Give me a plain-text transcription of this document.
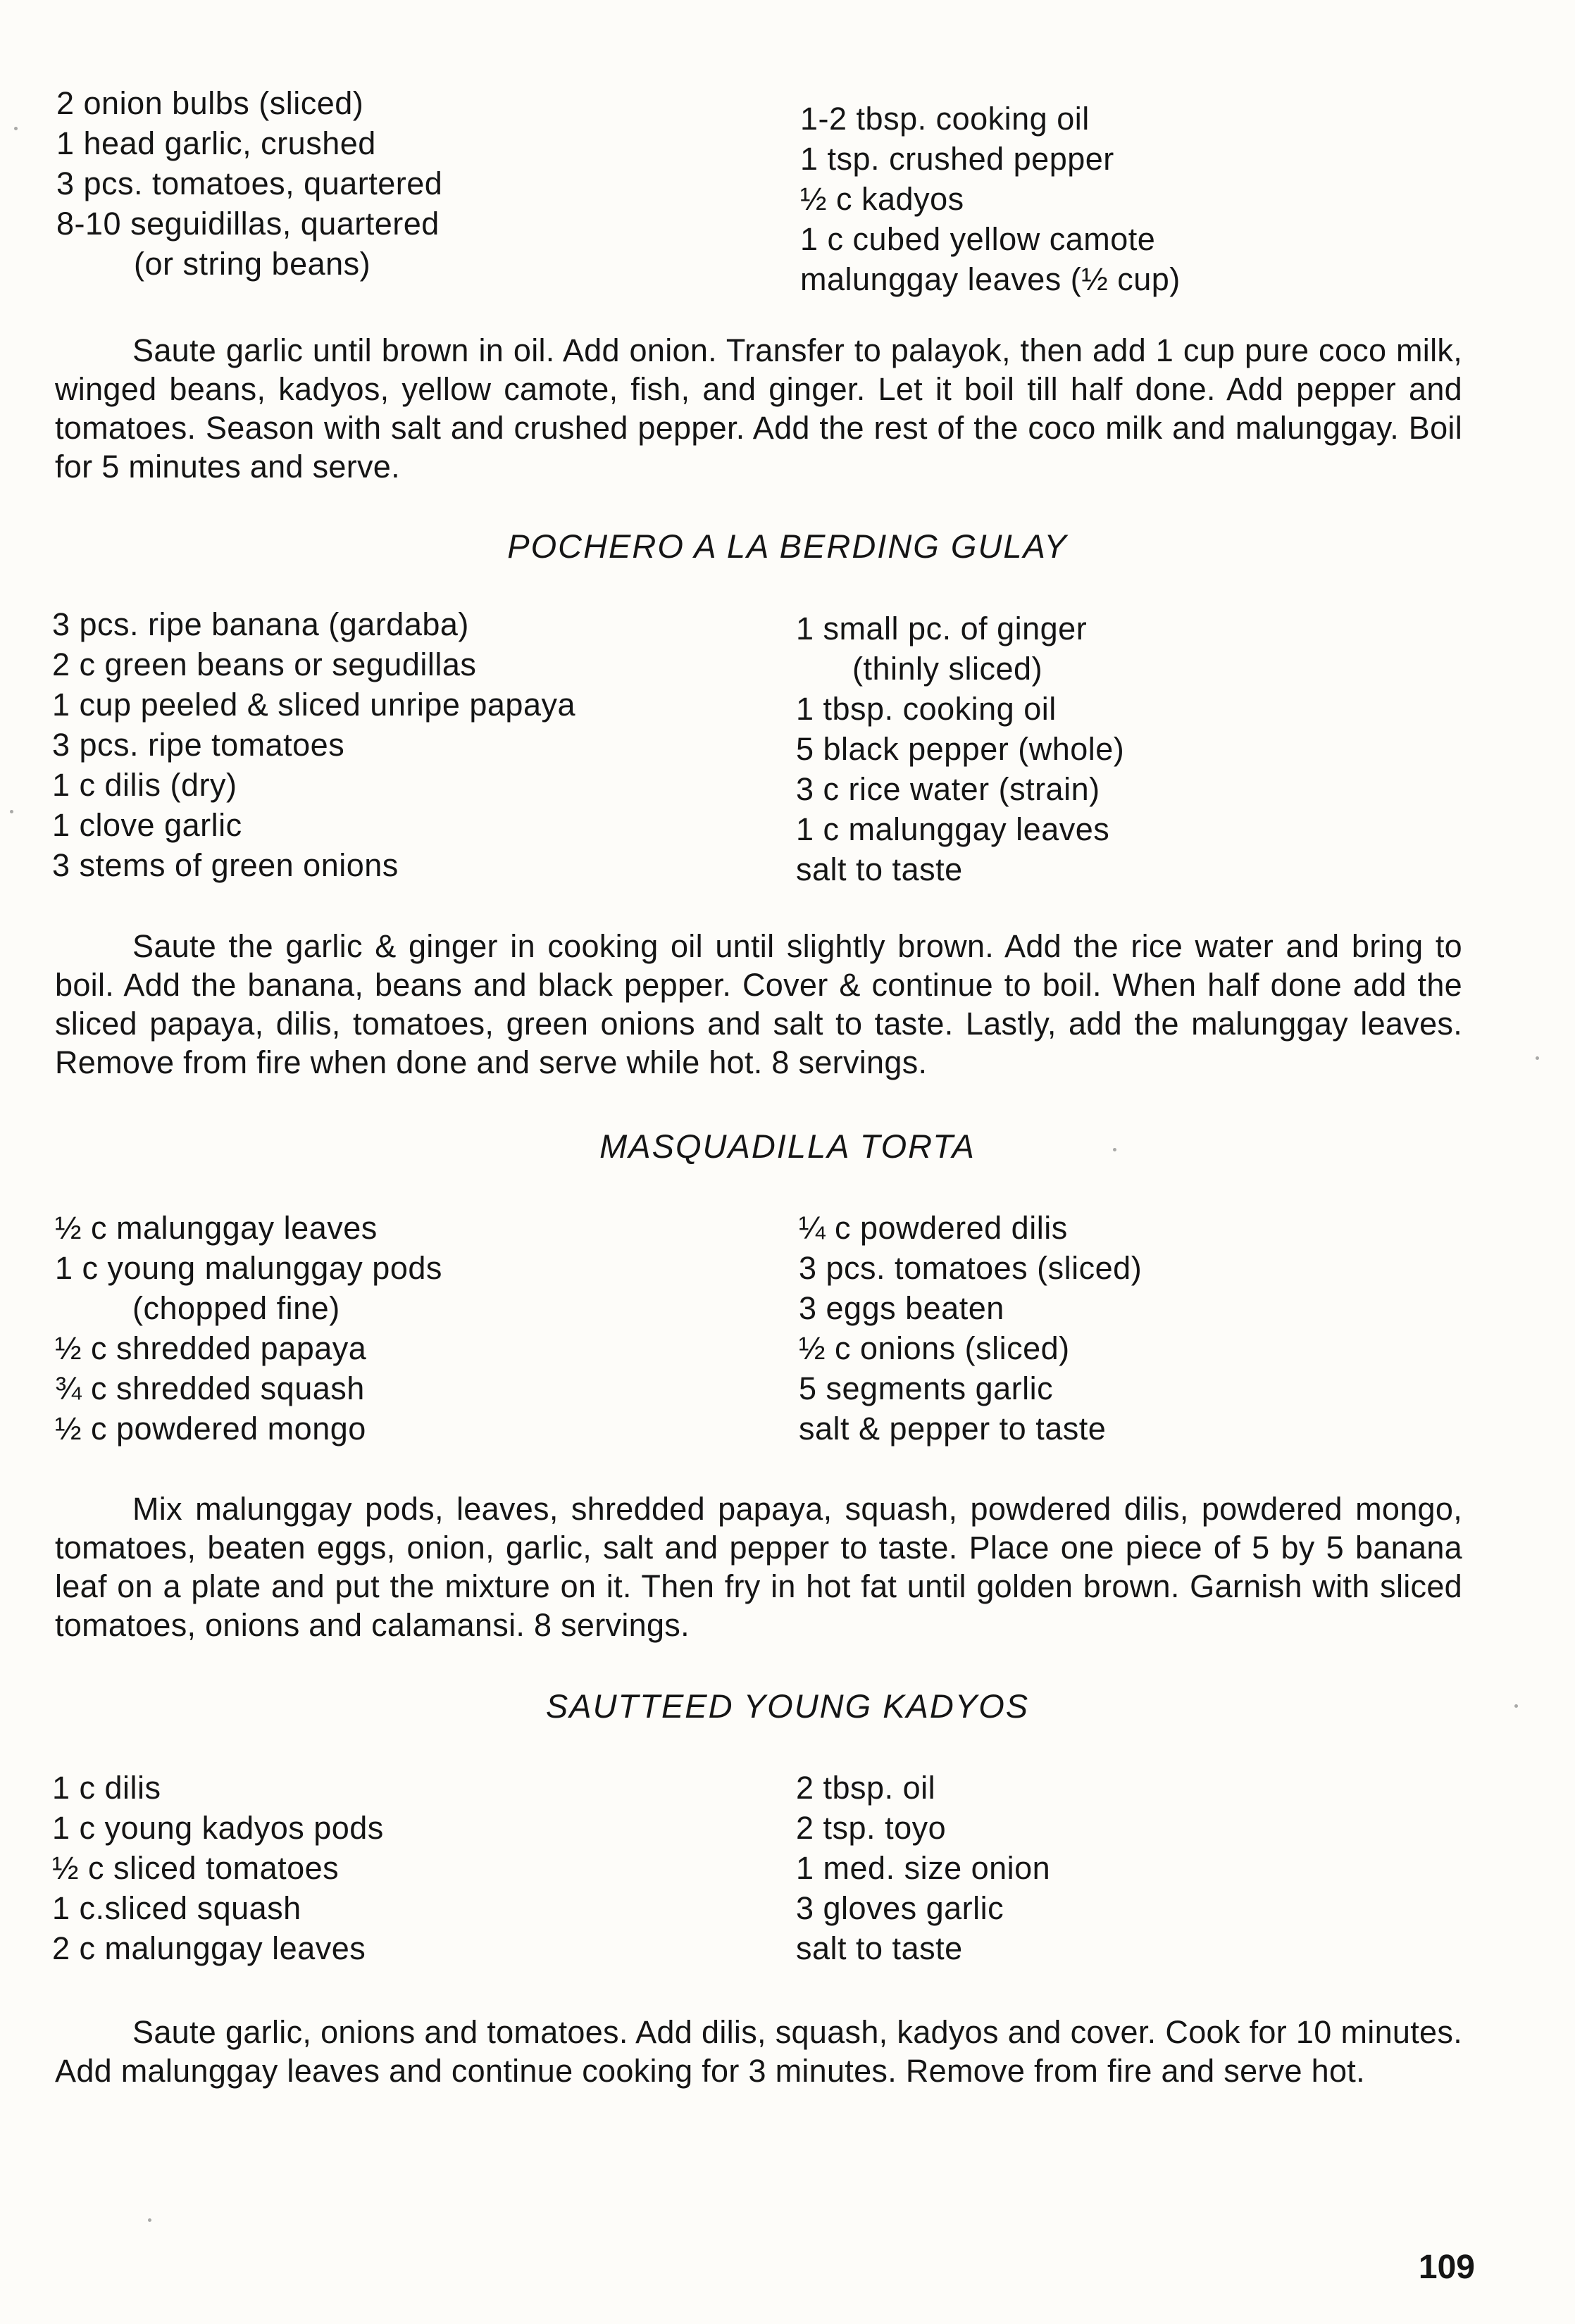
2 onion bulbs (sliced)
1 head garlic, crushed
3 pcs. tomatoes, quartered
8-10 seguidillas, quartered
(or string beans)
1-2 tbsp. cooking oil
1 tsp. crushed pepper
½ c kadyos
1 c cubed yellow camote
malunggay leaves (½ cup)

Saute garlic until brown in oil. Add onion. Transfer to palayok, then add 1 cup pure coco milk, winged beans, kadyos, yellow camote, fish, and ginger. Let it boil till half done. Add pepper and tomatoes. Season with salt and crushed pepper. Add the rest of the coco milk and malunggay. Boil for 5 minutes and serve.

POCHERO A LA BERDING GULAY
3 pcs. ripe banana (gardaba)
2 c green beans or segudillas
1 cup peeled & sliced unripe papaya
3 pcs. ripe tomatoes
1 c dilis (dry)
1 clove garlic
3 stems of green onions
1 small pc. of ginger
(thinly sliced)
1 tbsp. cooking oil
5 black pepper (whole)
3 c rice water (strain)
1 c malunggay leaves
salt to taste

Saute the garlic & ginger in cooking oil until slightly brown. Add the rice water and bring to boil. Add the banana, beans and black pepper. Cover & continue to boil. When half done add the sliced papaya, dilis, tomatoes, green onions and salt to taste. Lastly, add the malunggay leaves. Remove from fire when done and serve while hot. 8 servings.

MASQUADILLA TORTA
½ c malunggay leaves
1 c young malunggay pods
(chopped fine)
½ c shredded papaya
¾ c shredded squash
½ c powdered mongo
¼ c powdered dilis
3 pcs. tomatoes (sliced)
3 eggs beaten
½ c onions (sliced)
5 segments garlic
salt & pepper to taste

Mix malunggay pods, leaves, shredded papaya, squash, powdered dilis, powdered mongo, tomatoes, beaten eggs, onion, garlic, salt and pepper to taste. Place one piece of 5 by 5 banana leaf on a plate and put the mixture on it. Then fry in hot fat until golden brown. Garnish with sliced tomatoes, onions and calamansi. 8 servings.

SAUTTEED YOUNG KADYOS
1 c dilis
1 c young kadyos pods
½ c sliced tomatoes
1 c.sliced squash
2 c malunggay leaves
2 tbsp. oil
2 tsp. toyo
1 med. size onion
3 gloves garlic
salt to taste

Saute garlic, onions and tomatoes. Add dilis, squash, kadyos and cover. Cook for 10 minutes. Add malunggay leaves and continue cooking for 3 minutes. Remove from fire and serve hot.

109
